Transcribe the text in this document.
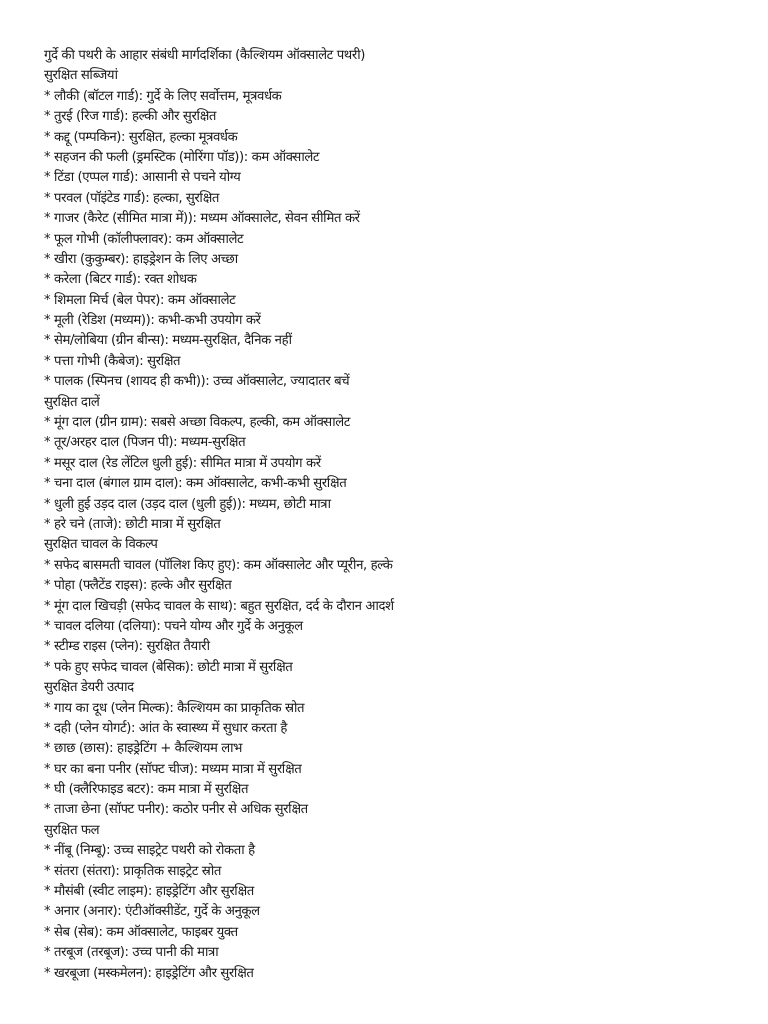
गुर्दे की पथरी के आहार संबंधी मार्गदर्शिका (कैल्शियम ऑक्सालेट पथरी)
सुरक्षित सब्जियां
* लौकी (बॉटल गार्ड): गुर्दे के लिए सर्वोत्तम, मूत्रवर्धक
* तुरई (रिज गार्ड): हल्की और सुरक्षित
* कद्दू (पम्पकिन): सुरक्षित, हल्का मूत्रवर्धक
* सहजन की फली (ड्रमस्टिक (मोरिंगा पॉड)): कम ऑक्सालेट
* टिंडा (एप्पल गार्ड): आसानी से पचने योग्य
* परवल (पॉइंटेड गार्ड): हल्का, सुरक्षित
* गाजर (कैरेट (सीमित मात्रा में)): मध्यम ऑक्सालेट, सेवन सीमित करें
* फूल गोभी (कॉलीफ्लावर): कम ऑक्सालेट
* खीरा (कुकुम्बर): हाइड्रेशन के लिए अच्छा
* करेला (बिटर गार्ड): रक्त शोधक
* शिमला मिर्च (बेल पेपर): कम ऑक्सालेट
* मूली (रेडिश (मध्यम)): कभी-कभी उपयोग करें
* सेम/लोबिया (ग्रीन बीन्स): मध्यम-सुरक्षित, दैनिक नहीं
* पत्ता गोभी (कैबेज): सुरक्षित
* पालक (स्पिनच (शायद ही कभी)): उच्च ऑक्सालेट, ज्यादातर बचें
सुरक्षित दालें
* मूंग दाल (ग्रीन ग्राम): सबसे अच्छा विकल्प, हल्की, कम ऑक्सालेट
* तूर/अरहर दाल (पिजन पी): मध्यम-सुरक्षित
* मसूर दाल (रेड लेंटिल धुली हुई): सीमित मात्रा में उपयोग करें
* चना दाल (बंगाल ग्राम दाल): कम ऑक्सालेट, कभी-कभी सुरक्षित
* धुली हुई उड़द दाल (उड़द दाल (धुली हुई)): मध्यम, छोटी मात्रा
* हरे चने (ताजे): छोटी मात्रा में सुरक्षित
सुरक्षित चावल के विकल्प
* सफेद बासमती चावल (पॉलिश किए हुए): कम ऑक्सालेट और प्यूरीन, हल्के
* पोहा (फ्लैटेंड राइस): हल्के और सुरक्षित
* मूंग दाल खिचड़ी (सफेद चावल के साथ): बहुत सुरक्षित, दर्द के दौरान आदर्श
* चावल दलिया (दलिया): पचने योग्य और गुर्दे के अनुकूल
* स्टीम्ड राइस (प्लेन): सुरक्षित तैयारी
* पके हुए सफेद चावल (बेसिक): छोटी मात्रा में सुरक्षित
सुरक्षित डेयरी उत्पाद
* गाय का दूध (प्लेन मिल्क): कैल्शियम का प्राकृतिक स्रोत
* दही (प्लेन योगर्ट): आंत के स्वास्थ्य में सुधार करता है
* छाछ (छास): हाइड्रेटिंग + कैल्शियम लाभ
* घर का बना पनीर (सॉफ्ट चीज): मध्यम मात्रा में सुरक्षित
* घी (क्लैरिफाइड बटर): कम मात्रा में सुरक्षित
* ताजा छेना (सॉफ्ट पनीर): कठोर पनीर से अधिक सुरक्षित
सुरक्षित फल
* नींबू (निम्बू): उच्च साइट्रेट पथरी को रोकता है
* संतरा (संतरा): प्राकृतिक साइट्रेट स्रोत
* मौसंबी (स्वीट लाइम): हाइड्रेटिंग और सुरक्षित
* अनार (अनार): एंटीऑक्सीडेंट, गुर्दे के अनुकूल
* सेब (सेब): कम ऑक्सालेट, फाइबर युक्त
* तरबूज (तरबूज): उच्च पानी की मात्रा
* खरबूजा (मस्कमेलन): हाइड्रेटिंग और सुरक्षित
